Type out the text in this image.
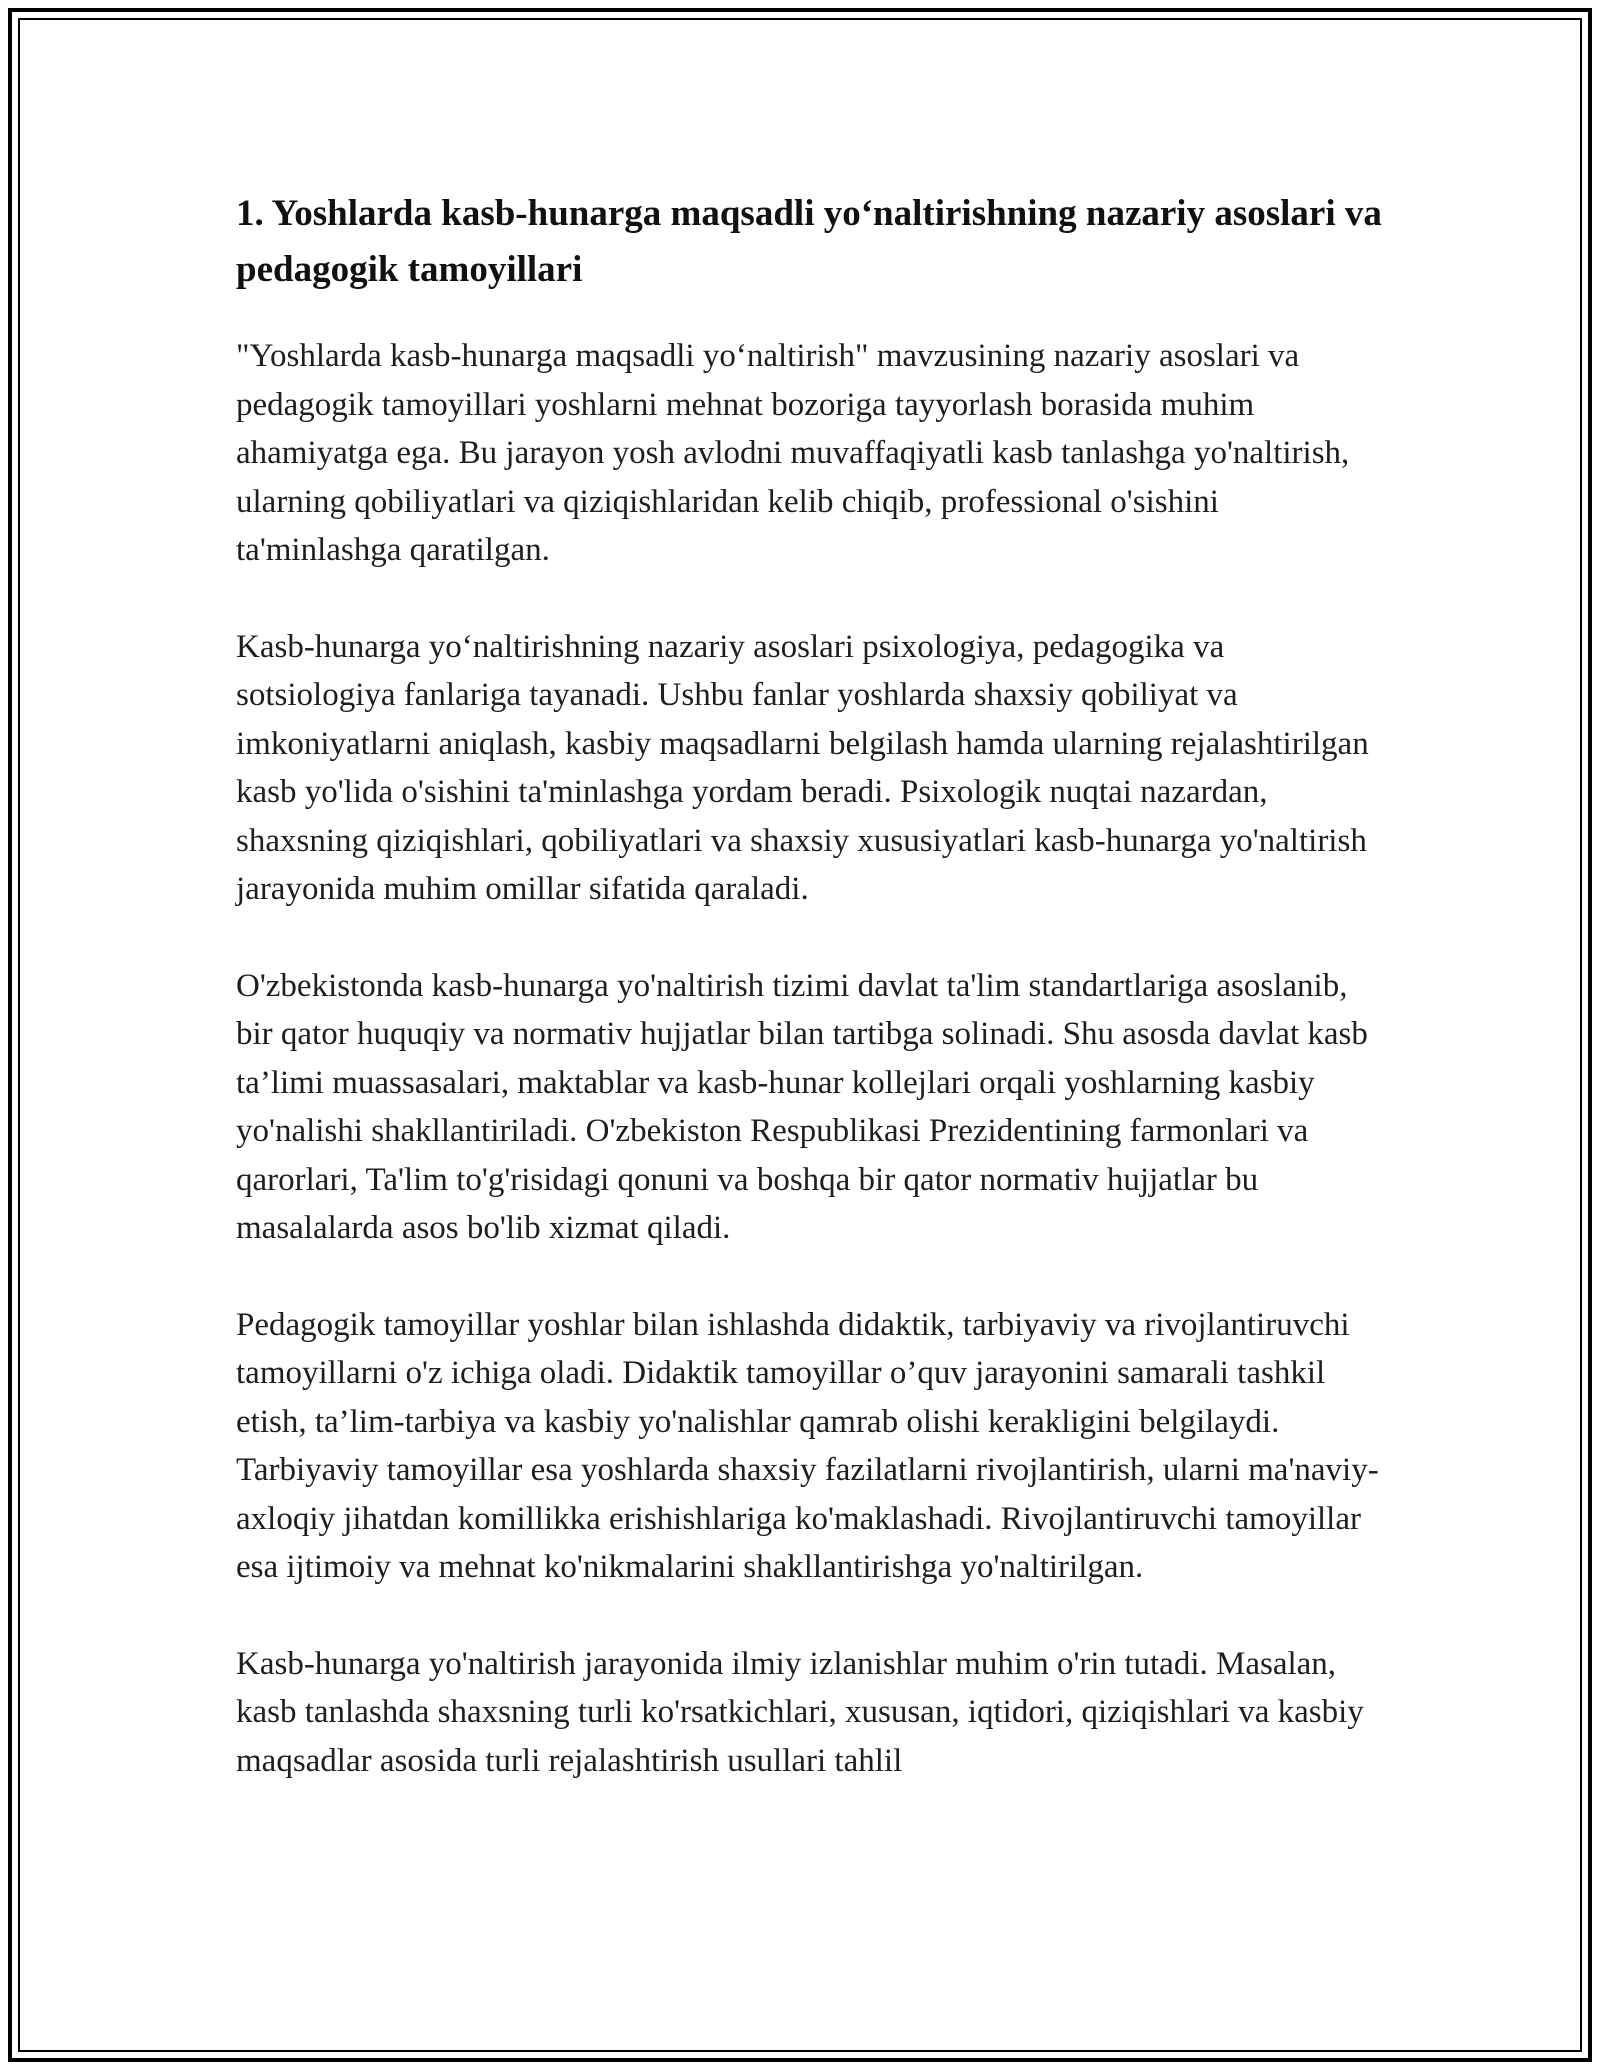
1. Yoshlarda kasb-hunarga maqsadli yo‘naltirishning nazariy asoslari va pedagogik tamoyillari

"Yoshlarda kasb-hunarga maqsadli yo‘naltirish" mavzusining nazariy asoslari va pedagogik tamoyillari yoshlarni mehnat bozoriga tayyorlash borasida muhim ahamiyatga ega. Bu jarayon yosh avlodni muvaffaqiyatli kasb tanlashga yo'naltirish, ularning qobiliyatlari va qiziqishlaridan kelib chiqib, professional o'sishini ta'minlashga qaratilgan.

Kasb-hunarga yo‘naltirishning nazariy asoslari psixologiya, pedagogika va sotsiologiya fanlariga tayanadi. Ushbu fanlar yoshlarda shaxsiy qobiliyat va imkoniyatlarni aniqlash, kasbiy maqsadlarni belgilash hamda ularning rejalashtirilgan kasb yo'lida o'sishini ta'minlashga yordam beradi. Psixologik nuqtai nazardan, shaxsning qiziqishlari, qobiliyatlari va shaxsiy xususiyatlari kasb-hunarga yo'naltirish jarayonida muhim omillar sifatida qaraladi.

O'zbekistonda kasb-hunarga yo'naltirish tizimi davlat ta'lim standartlariga asoslanib, bir qator huquqiy va normativ hujjatlar bilan tartibga solinadi. Shu asosda davlat kasb ta’limi muassasalari, maktablar va kasb-hunar kollejlari orqali yoshlarning kasbiy yo'nalishi shakllantiriladi. O'zbekiston Respublikasi Prezidentining farmonlari va qarorlari, Ta'lim to'g'risidagi qonuni va boshqa bir qator normativ hujjatlar bu masalalarda asos bo'lib xizmat qiladi.

Pedagogik tamoyillar yoshlar bilan ishlashda didaktik, tarbiyaviy va rivojlantiruvchi tamoyillarni o'z ichiga oladi. Didaktik tamoyillar o’quv jarayonini samarali tashkil etish, ta’lim-tarbiya va kasbiy yo'nalishlar qamrab olishi kerakligini belgilaydi. Tarbiyaviy tamoyillar esa yoshlarda shaxsiy fazilatlarni rivojlantirish, ularni ma'naviy-axloqiy jihatdan komillikka erishishlariga ko'maklashadi. Rivojlantiruvchi tamoyillar esa ijtimoiy va mehnat ko'nikmalarini shakllantirishga yo'naltirilgan.

Kasb-hunarga yo'naltirish jarayonida ilmiy izlanishlar muhim o'rin tutadi. Masalan, kasb tanlashda shaxsning turli ko'rsatkichlari, xususan, iqtidori, qiziqishlari va kasbiy maqsadlar asosida turli rejalashtirish usullari tahlil
